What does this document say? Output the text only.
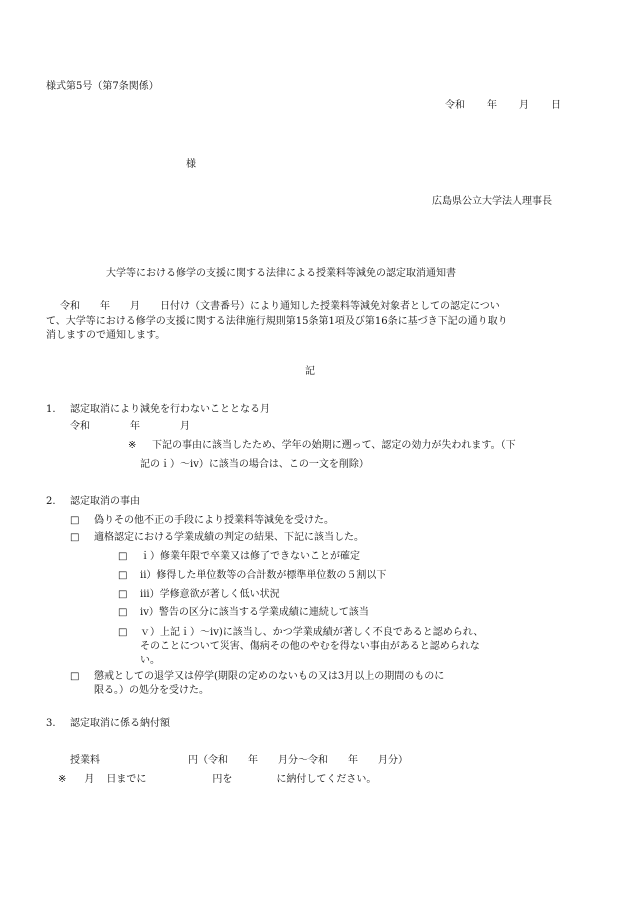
様式第5号（第7条関係）
令和 年 月 日
様
広島県公立大学法人理事長
大学等における修学の支援に関する法律による授業料等減免の認定取消通知書
令和 年 月 日付け（文書番号）により通知した授業料等減免対象者としての認定につい
て、大学等における修学の支援に関する法律施行規則第15条第1項及び第16条に基づき下記の通り取り
消しますので通知します。
記
1. 認定取消により減免を行わないこととなる月
令和	年	月
※ 下記の事由に該当したため、学年の始期に遡って、認定の効力が失われます。（下
記のｉ）～iv）に該当の場合は、この一文を削除）
2. 認定取消の事由
□ 偽りその他不正の手段により授業料等減免を受けた。
□ 適格認定における学業成績の判定の結果、下記に該当した。
□ ｉ）修業年限で卒業又は修了できないことが確定
□ ii）修得した単位数等の合計数が標準単位数の５割以下
□ iii）学修意欲が著しく低い状況
□ iv）警告の区分に該当する学業成績に連続して該当
□ ｖ）上記ｉ）～iv)に該当し、かつ学業成績が著しく不良であると認められ、
そのことについて災害、傷病その他のやむを得ない事由があると認められな
い。
□ 懲戒としての退学又は停学(期限の定めのないもの又は3月以上の期間のものに
限る。）の処分を受けた。
3. 認定取消に係る納付額
授業料	円（令和 年 月分～令和 年 月分）
※ 月 日までに	円を	に納付してください。
